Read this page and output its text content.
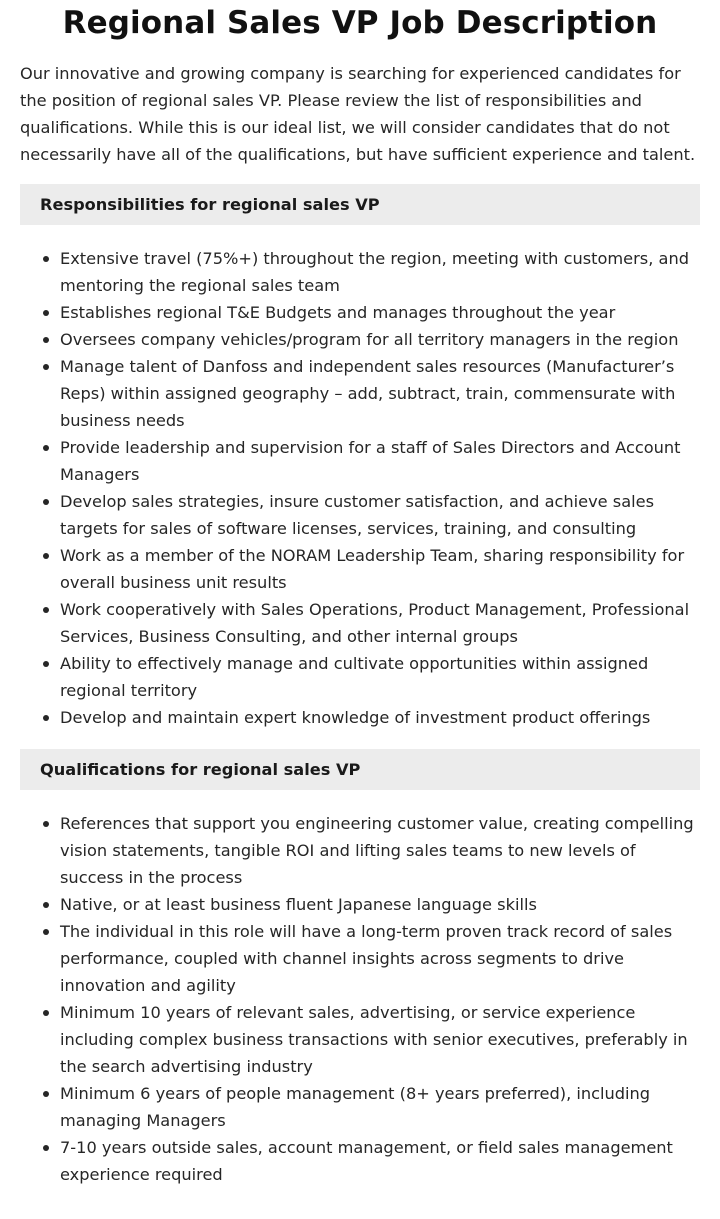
Regional Sales VP Job Description

Our innovative and growing company is searching for experienced candidates for the position of regional sales VP. Please review the list of responsibilities and qualifications. While this is our ideal list, we will consider candidates that do not necessarily have all of the qualifications, but have sufficient experience and talent.

Responsibilities for regional sales VP
Extensive travel (75%+) throughout the region, meeting with customers, and mentoring the regional sales team
Establishes regional T&E Budgets and manages throughout the year
Oversees company vehicles/program for all territory managers in the region
Manage talent of Danfoss and independent sales resources (Manufacturer’s Reps) within assigned geography – add, subtract, train, commensurate with business needs
Provide leadership and supervision for a staff of Sales Directors and Account Managers
Develop sales strategies, insure customer satisfaction, and achieve sales targets for sales of software licenses, services, training, and consulting
Work as a member of the NORAM Leadership Team, sharing responsibility for overall business unit results
Work cooperatively with Sales Operations, Product Management, Professional Services, Business Consulting, and other internal groups
Ability to effectively manage and cultivate opportunities within assigned regional territory
Develop and maintain expert knowledge of investment product offerings
Qualifications for regional sales VP
References that support you engineering customer value, creating compelling vision statements, tangible ROI and lifting sales teams to new levels of success in the process
Native, or at least business fluent Japanese language skills
The individual in this role will have a long-term proven track record of sales performance, coupled with channel insights across segments to drive innovation and agility
Minimum 10 years of relevant sales, advertising, or service experience including complex business transactions with senior executives, preferably in the search advertising industry
Minimum 6 years of people management (8+ years preferred), including managing Managers
7-10 years outside sales, account management, or field sales management experience required
